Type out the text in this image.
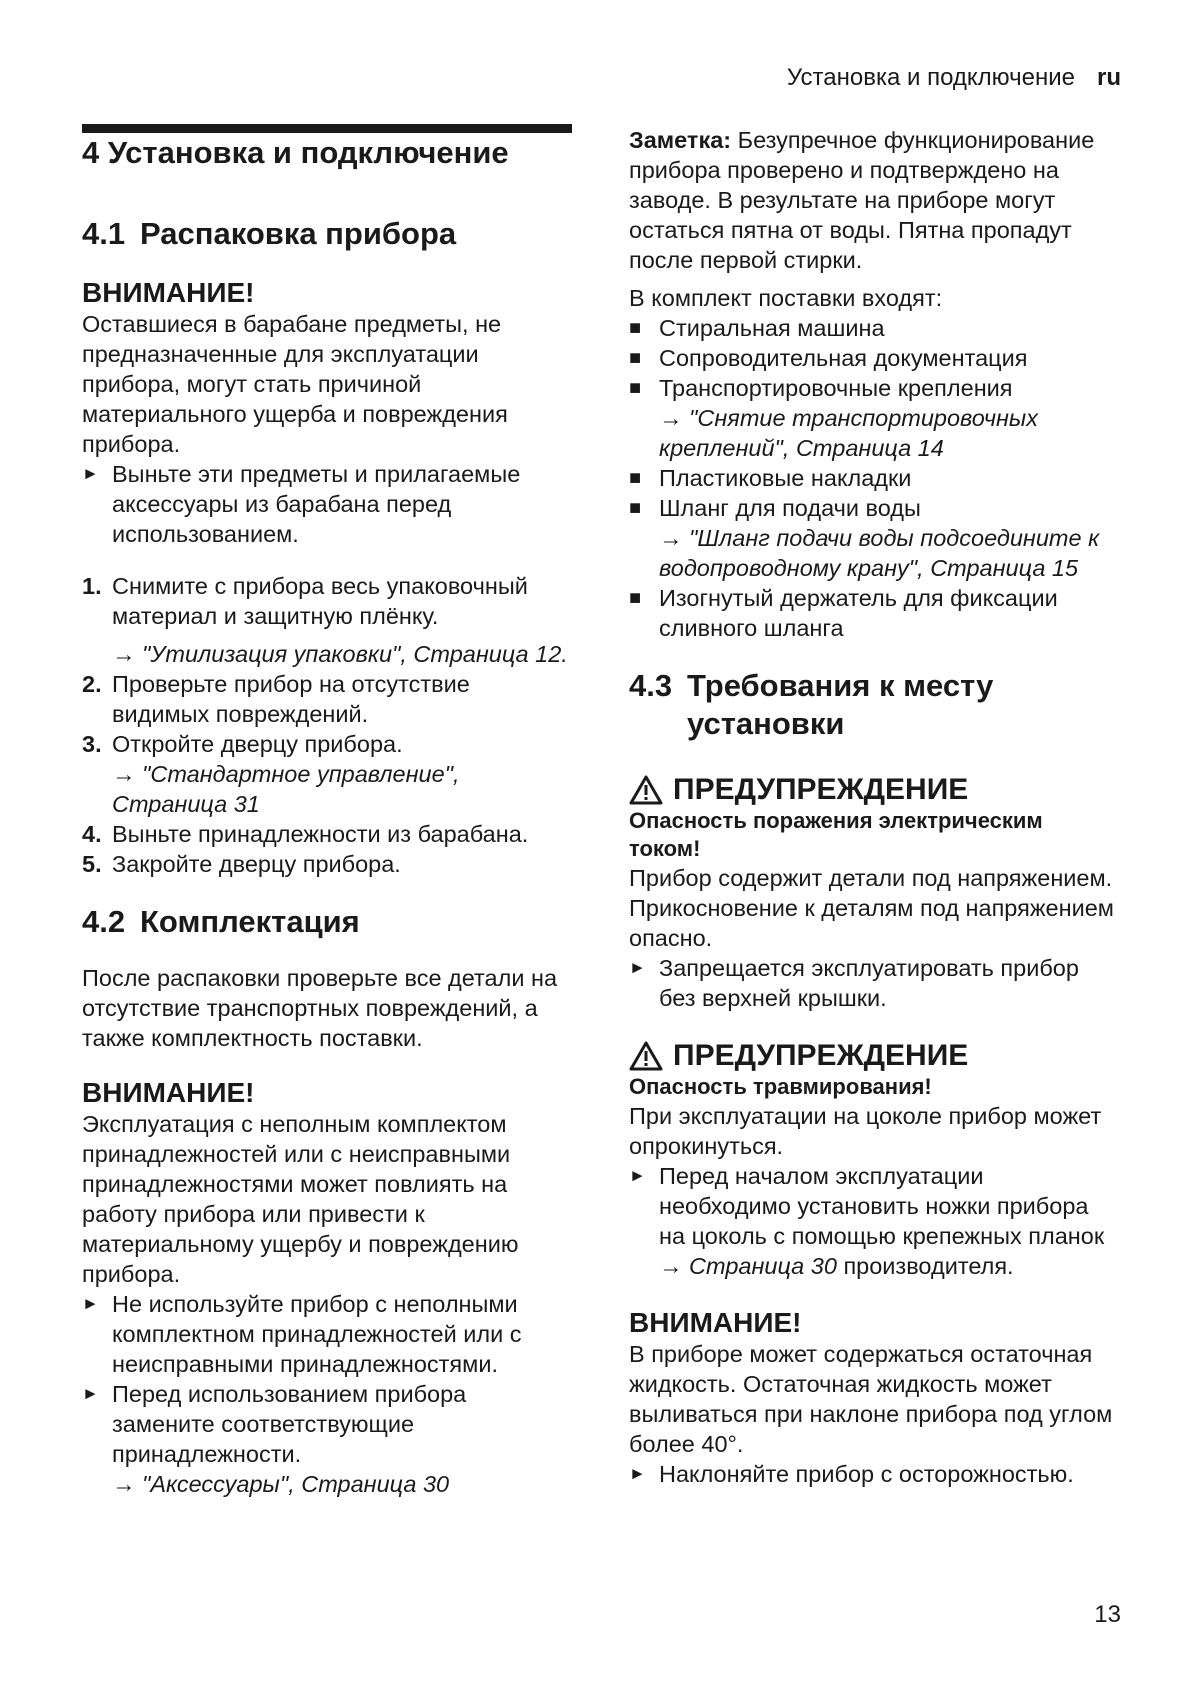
Установка и подключение ru
4 Установка и подключение
4.1 Распаковка прибора

ВНИМАНИЕ!

Оставшиеся в барабане предметы, не предназначенные для эксплуатации прибора, могут стать причиной материального ущерба и повреждения прибора.

► Выньте эти предметы и прилагаемые аксессуары из барабана перед использованием.
1. Снимите с прибора весь упаковочный материал и защитную плёнку.
→ "Утилизация упаковки", Страница 12.
2. Проверьте прибор на отсутствие видимых повреждений.
3. Откройте дверцу прибора.
→ "Стандартное управление", Страница 31
4. Выньте принадлежности из барабана.
5. Закройте дверцу прибора.
4.2 Комплектация

После распаковки проверьте все детали на отсутствие транспортных повреждений, а также комплектность поставки.

ВНИМАНИЕ!

Эксплуатация с неполным комплектом принадлежностей или с неисправными принадлежностями может повлиять на работу прибора или привести к материальному ущербу и повреждению прибора.

► Не используйте прибор с неполными комплектном принадлежностей или с неисправными принадлежностями.
► Перед использованием прибора замените соответствующие принадлежности.
→ "Аксессуары", Страница 30

Заметка: Безупречное функционирование прибора проверено и подтверждено на заводе. В результате на приборе могут остаться пятна от воды. Пятна пропадут после первой стирки.

В комплект поставки входят:

■ Стиральная машина
■ Сопроводительная документация
■ Транспортировочные крепления
→ "Снятие транспортировочных креплений", Страница 14
■ Пластиковые накладки
■ Шланг для подачи воды
→ "Шланг подачи воды подсоедините к водопроводному крану", Страница 15
■ Изогнутый держатель для фиксации сливного шланга
4.3 Требования к месту установки
ПРЕДУПРЕЖДЕНИЕ

Опасность поражения электрическим током!

Прибор содержит детали под напряжением. Прикосновение к деталям под напряжением опасно.

► Запрещается эксплуатировать прибор без верхней крышки.
ПРЕДУПРЕЖДЕНИЕ

Опасность травмирования!

При эксплуатации на цоколе прибор может опрокинуться.

► Перед началом эксплуатации необходимо установить ножки прибора на цоколь с помощью крепежных планок
→ Страница 30 производителя.

ВНИМАНИЕ!

В приборе может содержаться остаточная жидкость. Остаточная жидкость может выливаться при наклоне прибора под углом более 40°.

► Наклоняйте прибор с осторожностью.
13
